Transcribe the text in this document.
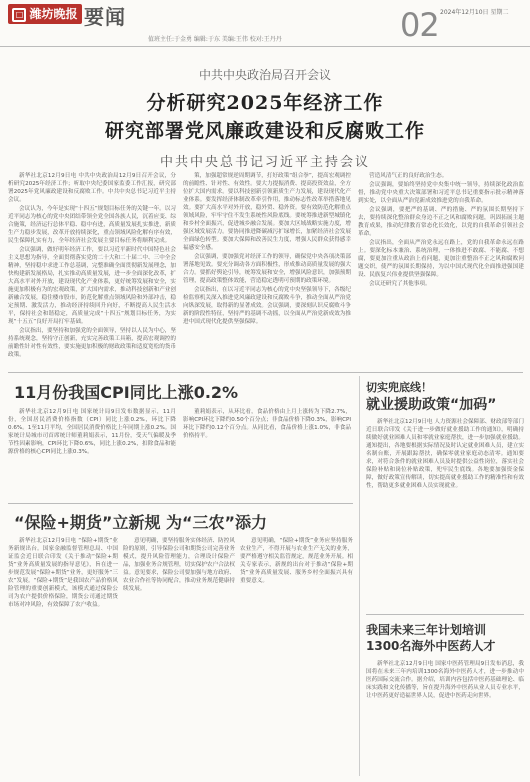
□ 潍坊晚报 要闻
值班主任:于金勇 编辑:于东 美编:王伟 校对:王丹丹	02 2024年12月10日 星期二
中共中央政治局召开会议
分析研究2025年经济工作
研究部署党风廉政建设和反腐败工作
中共中央总书记习近平主持会议

新华社北京12月9日电 中共中央政治局12月9日召开会议，分析研究2025年经济工作；听取中央纪委国家监委工作汇报，研究部署2025年党风廉政建设和反腐败工作。中共中央总书记习近平主持会议。

会议认为，今年是实现“十四五”规划目标任务的关键一年。以习近平同志为核心的党中央团结带领全党全国各族人民，沉着应变、综合施策，经济运行总体平稳、稳中有进，高质量发展扎实推进，新质生产力稳步发展，改革开放持续深化，重点领域风险化解有序有效，民生保障扎实有力，全年经济社会发展主要目标任务将顺利完成。

会议强调，做好明年经济工作，要以习近平新时代中国特色社会主义思想为指导，全面贯彻落实党的二十大和二十届二中、三中全会精神，坚持稳中求进工作总基调，完整准确全面贯彻新发展理念，加快构建新发展格局，扎实推动高质量发展，进一步全面深化改革，扩大高水平对外开放，建设现代化产业体系，更好统筹发展和安全，实施更加积极有为的宏观政策，扩大国内需求，推动科技创新和产业创新融合发展，稳住楼市股市，防范化解重点领域风险和外部冲击，稳定预期、激发活力，推动经济持续回升向好，不断提高人民生活水平，保持社会和谐稳定，高质量完成“十四五”规划目标任务，为实现“十五五”良好开局打牢基础。

会议指出，要坚持和加强党的全面领导，坚持以人民为中心，坚持系统观念，坚持守正创新，充实完善政策工具箱，提高宏观调控的前瞻性针对性有效性，要实施更加积极的财政政策和适度宽松的货币政策。

策，加强超常规逆周期调节，打好政策“组合拳”，提高宏观调控的前瞻性、针对性、有效性。要大力提振消费、提高投资效益，全方位扩大国内需求。要以科技创新引领新质生产力发展，建设现代化产业体系。要发挥经济体制改革牵引作用，推动标志性改革举措落地见效。要扩大高水平对外开放，稳外贸、稳外资。要有效防范化解重点领域风险，牢牢守住不发生系统性风险底线。要统筹推进新型城镇化和乡村全面振兴，促进城乡融合发展。要加大区域战略实施力度，增强区域发展活力。要协同推进降碳减污扩绿增长，加紧经济社会发展全面绿色转型。要加大保障和改善民生力度，增强人民群众获得感幸福感安全感。

会议强调，要加强党对经济工作的领导，确保党中央各项决策部署落地见效。要充分调动各方面积极性，形成推动高质量发展的强大合力。要抓好舆论引导，统筹发展和安全，增强风险意识，加强预期管理，提高政策整体效能，营造稳定透明可预期的政策环境。

会议指出，在以习近平同志为核心的党中央坚强领导下，各级纪检监察机关深入推进党风廉政建设和反腐败斗争，推动全面从严治党向纵深发展，取得新的显著成效。会议强调，要深刻认识反腐败斗争新的阶段性特征，坚持严的基调不动摇，以全面从严治党新成效为推进中国式现代化提供坚强保障。

营造风清气正的良好政治生态。

会议强调，要始终坚持党中央集中统一领导，持续深化政治监督，推动党中央重大决策部署和习近平总书记重要指示批示精神落到实处，以全面从严治党新成效推进党的自我革命。

会议强调，要把严的基调、严的措施、严的氛围长期坚持下去，要持续深化整治群众身边不正之风和腐败问题，巩固拓展主题教育成果，推动纪律教育常态化长效化，以党的自我革命引领社会革命。

会议指出，全面从严治党永远在路上，党的自我革命永远在路上。要深化标本兼治、系统治理，一体推进不敢腐、不能腐、不想腐，要更加注重从政治上看问题，更加注重整治不正之风和腐败问题交织，使严的氛围长期保持，为以中国式现代化全面推进强国建设、民族复兴伟业提供坚强保障。

会议还研究了其他事项。

11月份我国CPI同比上涨0.2%

新华社北京12月9日电 国家统计局9日发布数据显示，11月份，全国居民消费价格指数（CPI）同比上涨0.2%，环比下降0.6%。1至11月平均，全国居民消费价格比上年同期上涨0.2%。国家统计局城市司首席统计师董莉娟表示，11月份，受天气偏暖及季节性因素影响，CPI环比下降0.6%，同比上涨0.2%，扣除食品和能源价格的核心CPI同比上涨0.3%。

董莉娟表示，从环比看，食品价格由上月上涨转为下降2.7%，影响CPI环比下降约0.50个百分点；非食品价格下降0.3%，影响CPI环比下降约0.12个百分点。从同比看，食品价格上涨1.0%，非食品价格持平。

“保险+期货”立新规 为“三农”添力

新华社北京12月9日电 “保险+期货”业务新规出台。国家金融监督管理总局、中国证监会近日联合印发《关于推动“保险+期货”业务高质量发展的指导意见》，旨在进一步规范发展“保险+期货”业务，更好服务“三农”发展。“保险+期货”是我国农产品价格风险管理的重要创新模式，该模式通过保险公司为农户提供价格保险，期货公司通过期货市场对冲风险，有效保障了农户收益。

意见明确，要坚持服务实体经济、防控风险的原则，引导保险公司和期货公司完善业务模式，提升风险管理能力，合理设计保险产品，加强业务合规管理，切实保护农户合法权益。意见要求，保险公司要加强与地方政府、农业合作社等协同配合，推动业务规范健康持续发展。

意见明确，“保险+期货”业务应坚持服务农业生产，不得开展与农业生产无关的业务，要严格遵守相关监管规定，规范业务开展。相关专家表示，新规的出台对于推动“保险+期货”业务高质量发展、服务乡村全面振兴具有重要意义。

切实兜底线！
就业援助政策“加码”

新华社北京12月9日电 人力资源社会保障部、财政部等部门近日联合印发《关于进一步做好就业援助工作的通知》，明确持续做好就业困难人员和零就业家庭帮扶，进一步加强就业援助。通知提出，各地要根据实际情况及时认定就业困难人员，建立实名制台账，开展跟踪帮扶，确保零就业家庭动态清零。通知要求，对符合条件的就业困难人员及时提供公益性岗位，落实社会保险补贴和岗位补贴政策，兜牢民生底线。各地要加强资金保障，做好政策宣传解读，切实提高就业援助工作的精准性和有效性，帮助更多就业困难人员实现就业。

我国未来三年计划培训
1300名海外中医药人才

新华社北京12月9日电 国家中医药管理局9日发布消息，我国将在未来三年内培训1300名海外中医药人才，进一步推动中医药国际交流合作。据介绍，培训内容包括中医药基础理论、临床实践和文化传播等，旨在提升海外中医药从业人员专业水平，让中医药更好造福世界人民，促进中医药走向世界。
